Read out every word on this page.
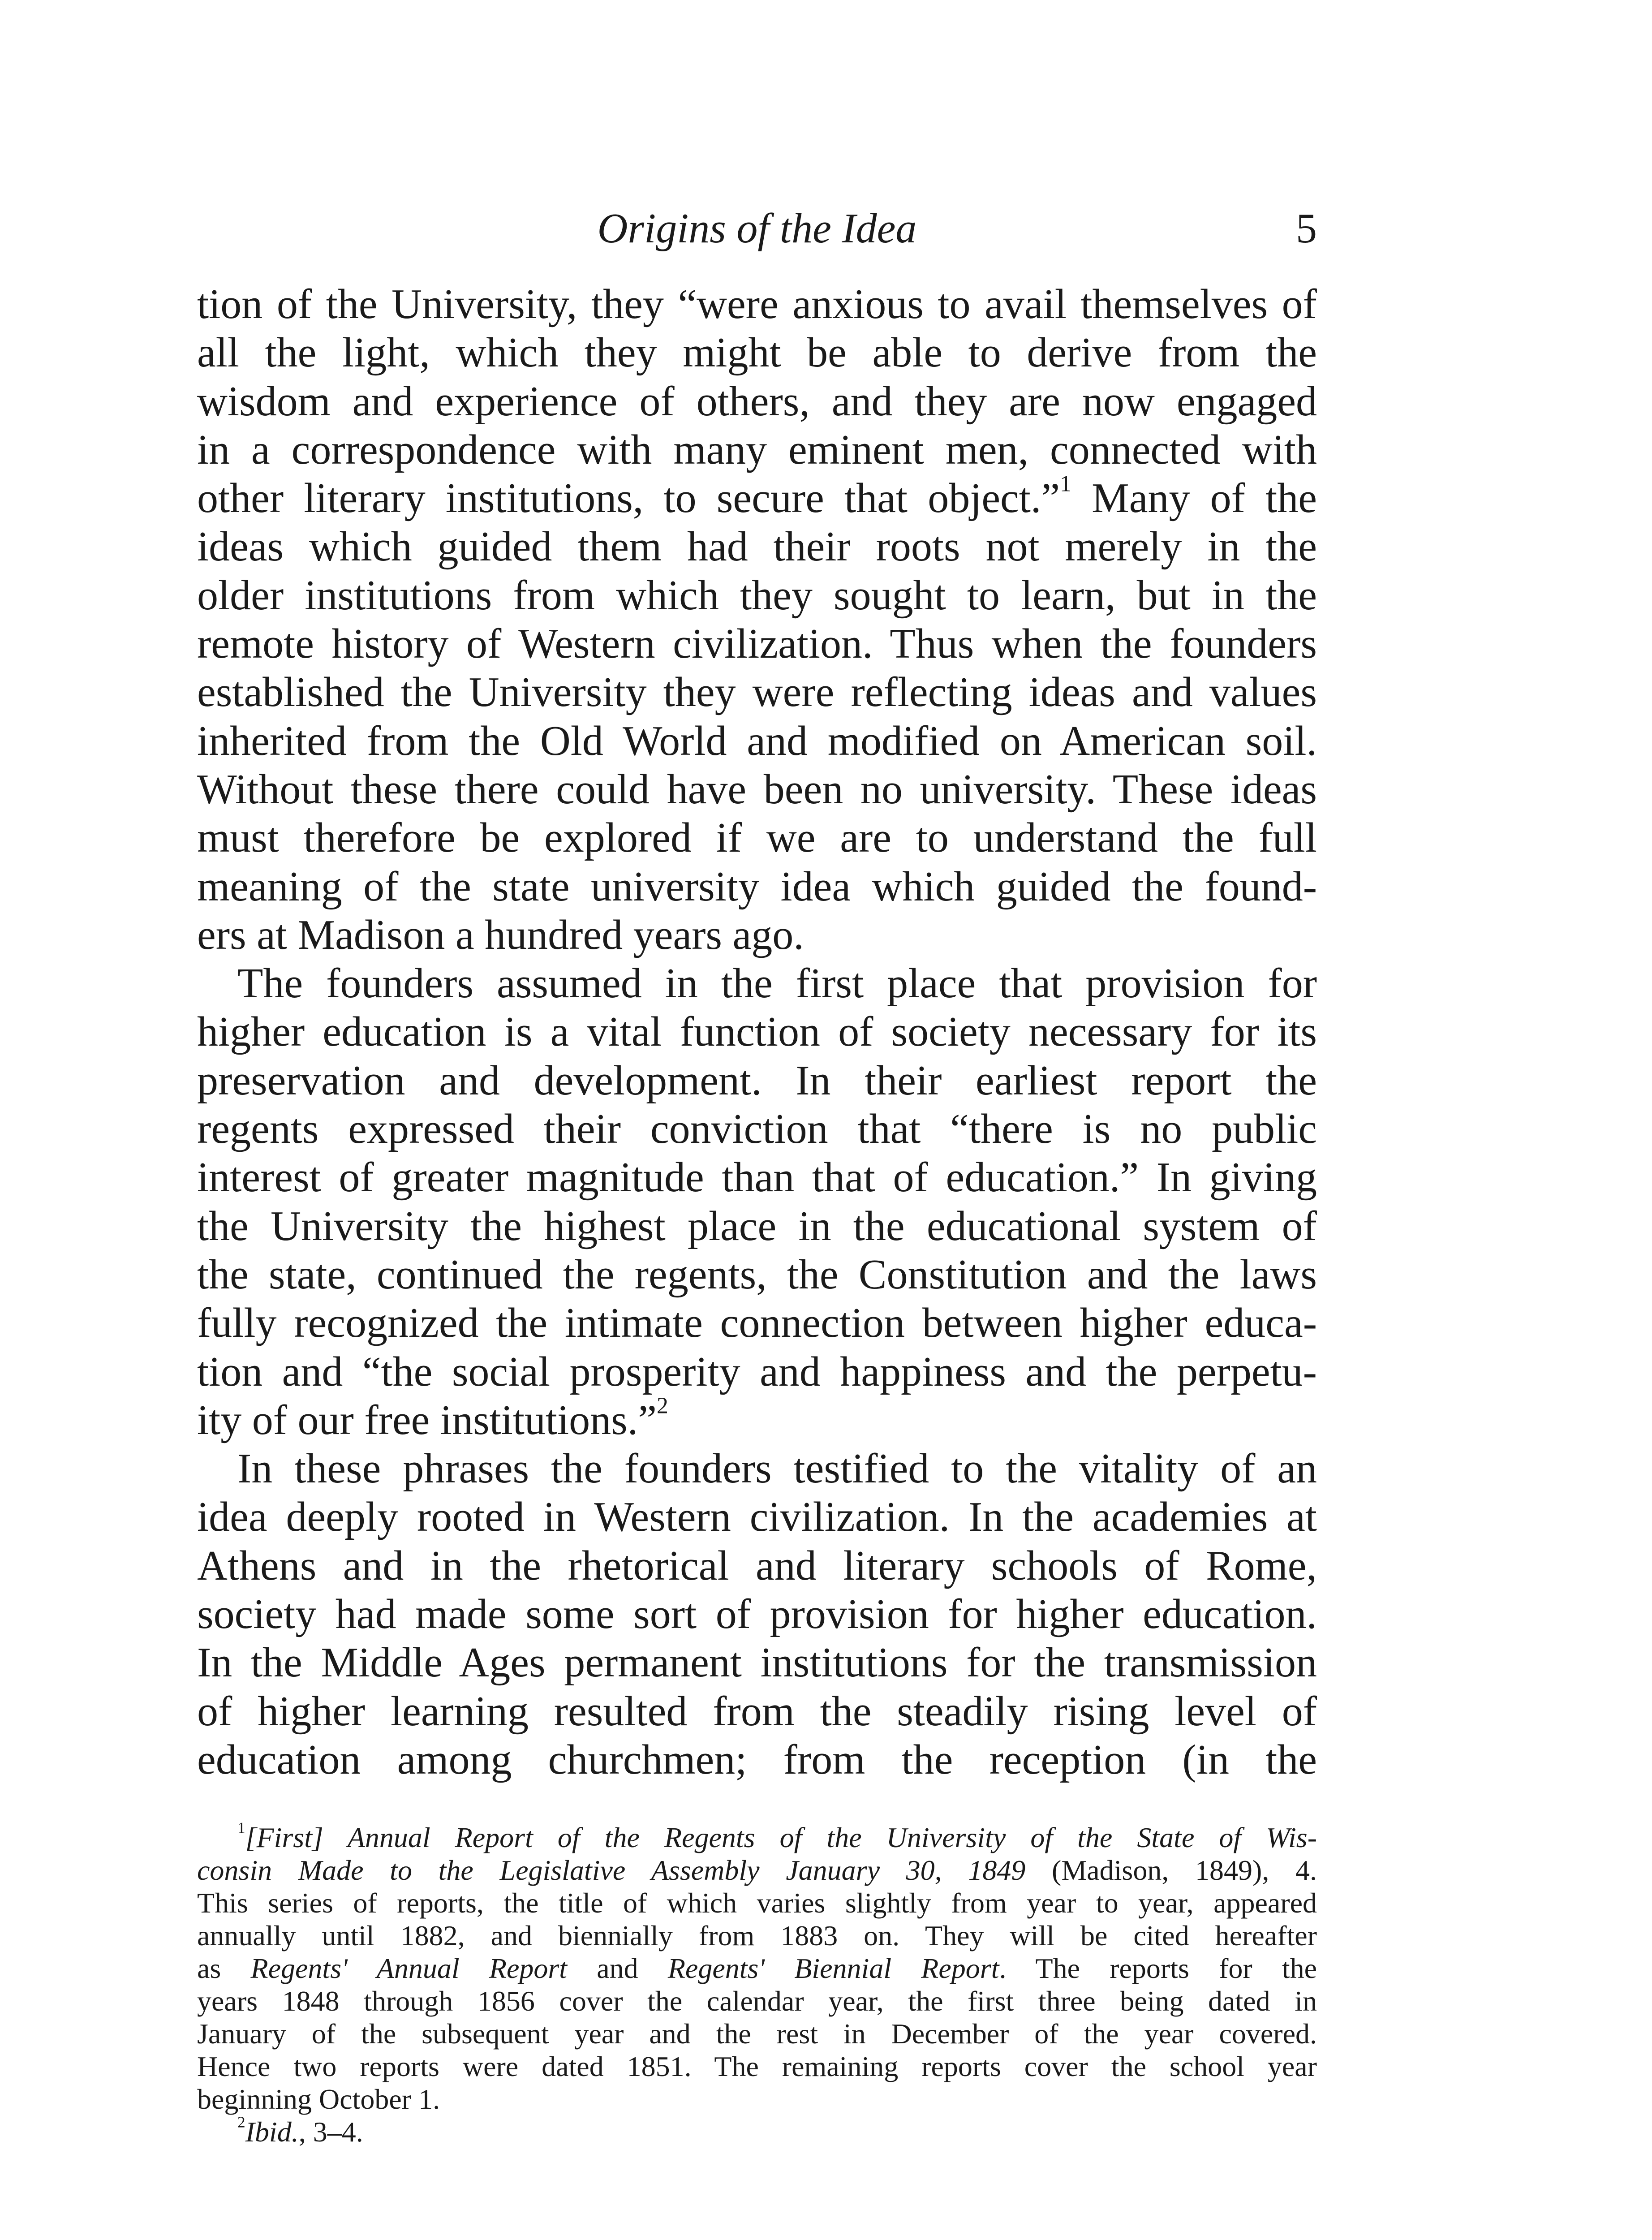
Origins of the Idea	5

tion of the University, they “were anxious to avail themselves of
all the light, which they might be able to derive from the
wisdom and experience of others, and they are now engaged
in a correspondence with many eminent men, connected with
other literary institutions, to secure that object.”$^1$ Many of the
ideas which guided them had their roots not merely in the
older institutions from which they sought to learn, but in the
remote history of Western civilization. Thus when the founders
established the University they were reflecting ideas and values
inherited from the Old World and modified on American soil.
Without these there could have been no university. These ideas
must therefore be explored if we are to understand the full
meaning of the state university idea which guided the found-
ers at Madison a hundred years ago.

The founders assumed in the first place that provision for
higher education is a vital function of society necessary for its
preservation and development. In their earliest report the
regents expressed their conviction that “there is no public
interest of greater magnitude than that of education.” In giving
the University the highest place in the educational system of
the state, continued the regents, the Constitution and the laws
fully recognized the intimate connection between higher educa-
tion and “the social prosperity and happiness and the perpetu-
ity of our free institutions.”$^2$

In these phrases the founders testified to the vitality of an
idea deeply rooted in Western civilization. In the academies at
Athens and in the rhetorical and literary schools of Rome,
society had made some sort of provision for higher education.
In the Middle Ages permanent institutions for the transmission
of higher learning resulted from the steadily rising level of
education among churchmen; from the reception (in the

$^1$[First] Annual Report of the Regents of the University of the State of Wis-
consin Made to the Legislative Assembly January 30, 1849 (Madison, 1849), 4.
This series of reports, the title of which varies slightly from year to year, appeared
annually until 1882, and biennially from 1883 on. They will be cited hereafter
as Regents' Annual Report and Regents' Biennial Report. The reports for the
years 1848 through 1856 cover the calendar year, the first three being dated in
January of the subsequent year and the rest in December of the year covered.
Hence two reports were dated 1851. The remaining reports cover the school year
beginning October 1.
$^2$Ibid., 3–4.
